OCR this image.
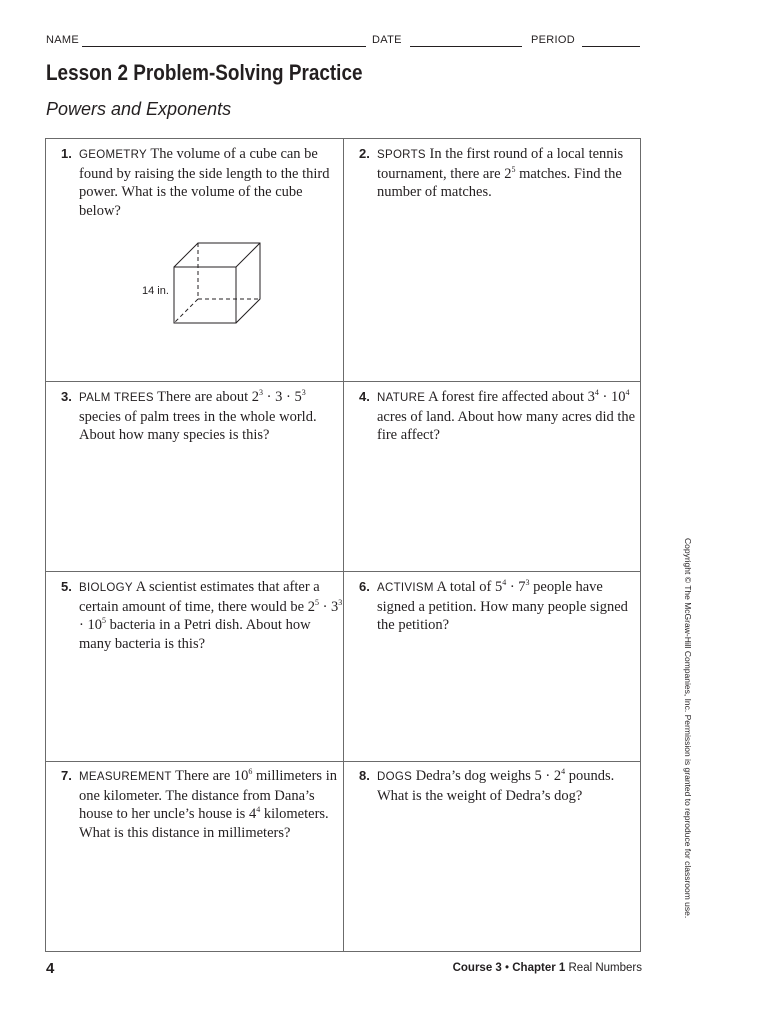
NAME	DATE	PERIOD
Lesson 2 Problem-Solving Practice
Powers and Exponents
14 in.
1. GEOMETRY The volume of a cube can be found by raising the side length to the third power. What is the volume of the cube below?
2. SPORTS In the first round of a local tennis tournament, there are $2^5$ matches. Find the number of matches.
3. PALM TREES There are about $2^3 \cdot 3 \cdot 5^3$ species of palm trees in the whole world. About how many species is this?
4. NATURE A forest fire affected about $3^4 \cdot 10^4$ acres of land. About how many acres did the fire affect?
5. BIOLOGY A scientist estimates that after a certain amount of time, there would be $2^5 \cdot 3^3 \cdot 10^5$ bacteria in a Petri dish. About how many bacteria is this?
6. ACTIVISM A total of $5^4 \cdot 7^3$ people have signed a petition. How many people signed the petition?
7. MEASUREMENT There are $10^6$ millimeters in one kilometer. The distance from Dana’s house to her uncle’s house is $4^4$ kilometers. What is this distance in millimeters?
8. DOGS Dedra’s dog weighs $5 \cdot 2^4$ pounds. What is the weight of Dedra’s dog?	Copyright © The McGraw-Hill Companies, Inc. Permission is granted to reproduce for classroom use.
4	Course 3 • Chapter 1 Real Numbers
